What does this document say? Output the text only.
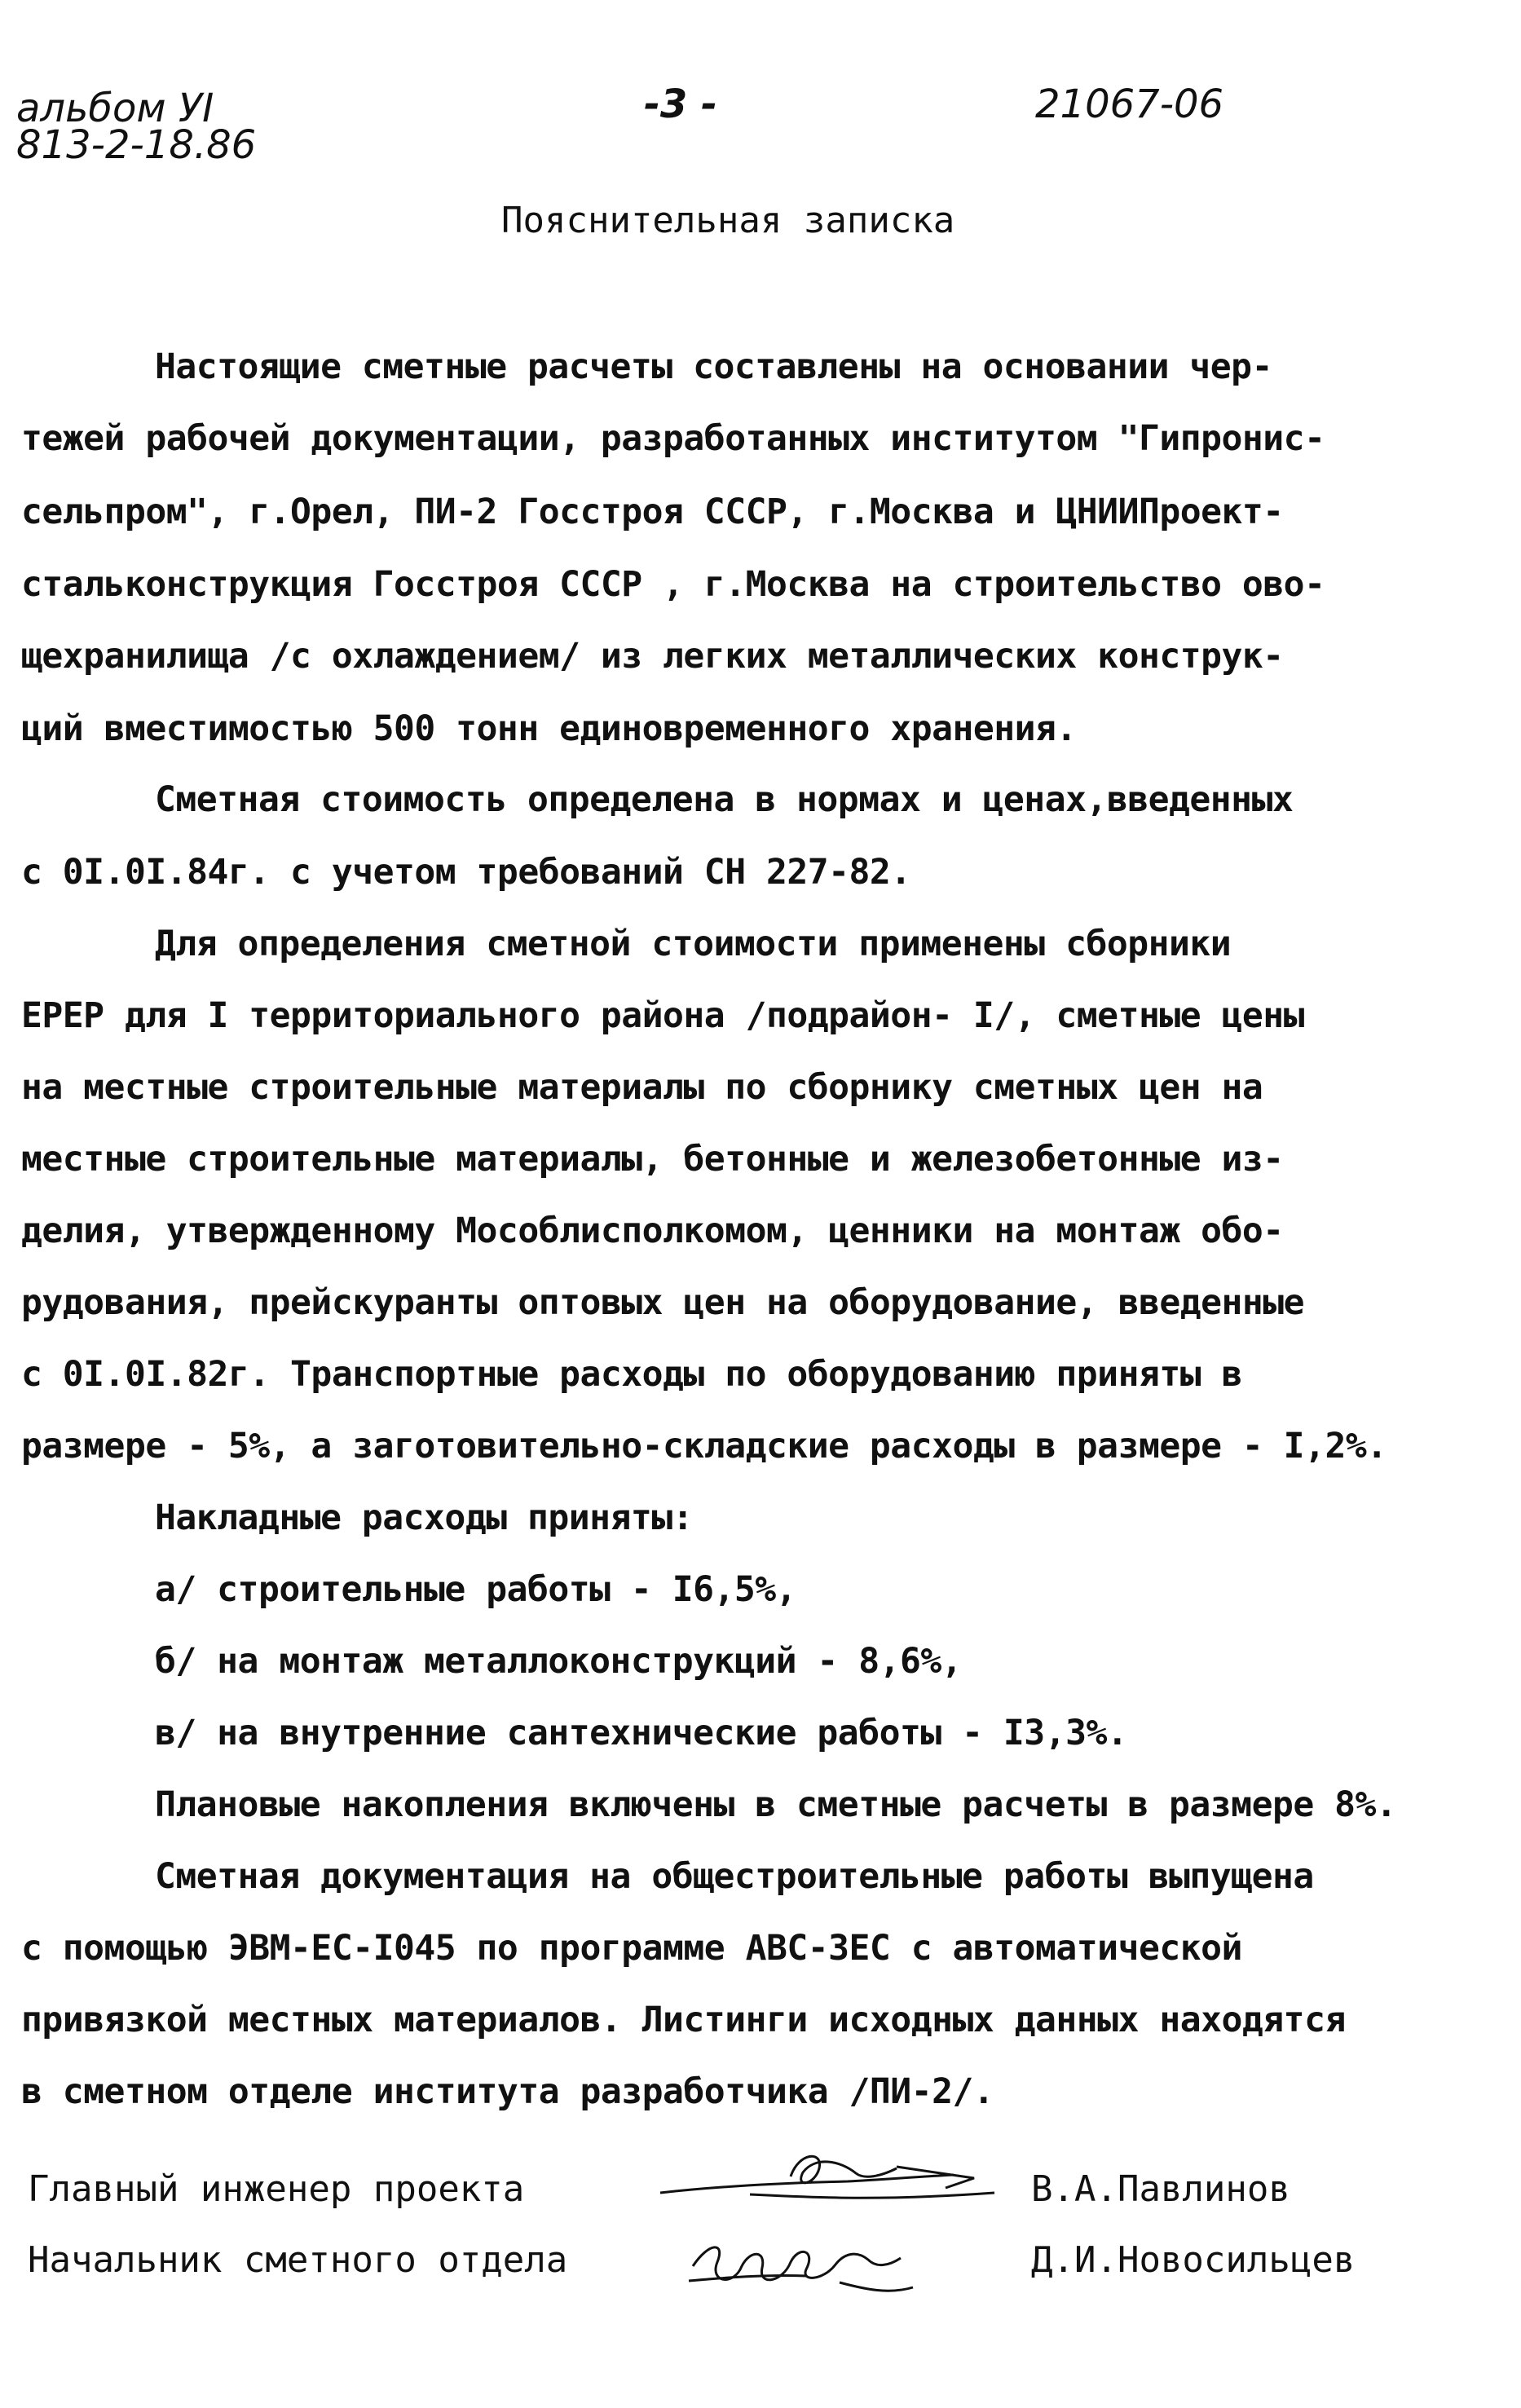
альбом УI
813-2-18.86
-3 -	21067-06
Пояснительная записка
Настоящие сметные расчеты составлены на основании чер-
тежей рабочей документации, разработанных институтом "Гипронис-
сельпром", г.Орел, ПИ-2 Госстроя СССР, г.Москва и ЦНИИПроект-
стальконструкция Госстроя СССР , г.Москва на строительство ово-
щехранилища /с охлаждением/ из легких металлических конструк-
ций вместимостью 500 тонн единовременного хранения.
Сметная стоимость определена в нормах и ценах,введенных
с 0I.0I.84г. с учетом требований СН 227-82.
Для определения сметной стоимости применены сборники
ЕРЕР для I территориального района /подрайон- I/, сметные цены
на местные строительные материалы по сборнику сметных цен на
местные строительные материалы, бетонные и железобетонные из-
делия, утвержденному Мособлисполкомом, ценники на монтаж обо-
рудования, прейскуранты оптовых цен на оборудование, введенные
с 0I.0I.82г. Транспортные расходы по оборудованию приняты в
размере - 5%, а заготовительно-складские расходы в размере - I,2%.
Накладные расходы приняты:
а/ строительные работы - I6,5%,
б/ на монтаж металлоконструкций - 8,6%,
в/ на внутренние сантехнические работы - I3,3%.
Плановые накопления включены в сметные расчеты в размере 8%.
Сметная документация на общестроительные работы выпущена
с помощью ЭВМ-ЕС-I045 по программе АВС-ЗЕС с автоматической
привязкой местных материалов. Листинги исходных данных находятся
в сметном отделе института разработчика /ПИ-2/.
Главный инженер проекта
Начальник сметного отдела
В.А.Павлинов
Д.И.Новосильцев
